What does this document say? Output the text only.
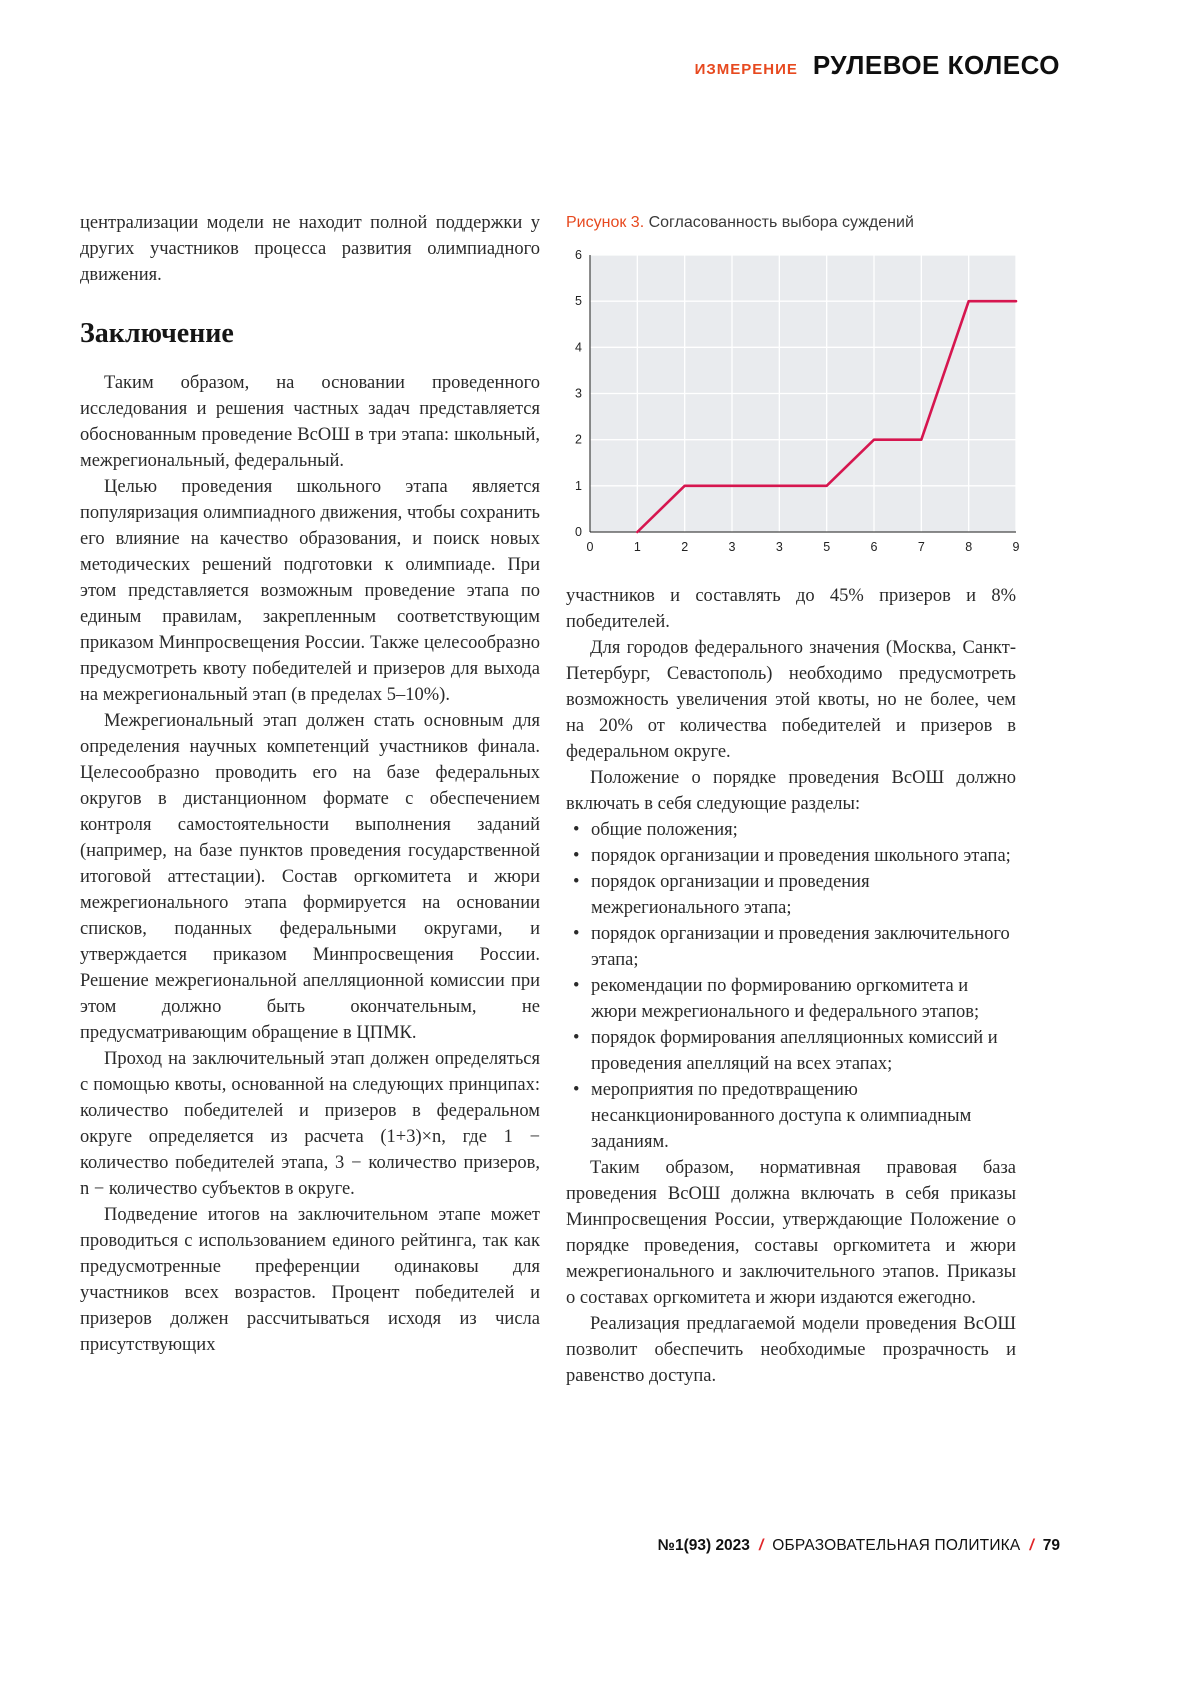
ИЗМЕРЕНИЕ РУЛЕВОЕ КОЛЕСО

централизации модели не находит полной поддержки у других участников процесса развития олимпиадного движения.

Заключение

Таким образом, на основании проведенного исследования и решения частных задач представляется обоснованным проведение ВсОШ в три этапа: школьный, межрегиональный, федеральный.

Целью проведения школьного этапа является популяризация олимпиадного движения, чтобы сохранить его влияние на качество образования, и поиск новых методических решений подготовки к олимпиаде. При этом представляется возможным проведение этапа по единым правилам, закрепленным соответствующим приказом Минпросвещения России. Также целесообразно предусмотреть квоту победителей и призеров для выхода на межрегиональный этап (в пределах 5–10%).

Межрегиональный этап должен стать основным для определения научных компетенций участников финала. Целесообразно проводить его на базе федеральных округов в дистанционном формате с обеспечением контроля самостоятельности выполнения заданий (например, на базе пунктов проведения государственной итоговой аттестации). Состав оргкомитета и жюри межрегионального этапа формируется на основании списков, поданных федеральными округами, и утверждается приказом Минпросвещения России. Решение межрегиональной апелляционной комиссии при этом должно быть окончательным, не предусматривающим обращение в ЦПМК.

Проход на заключительный этап должен определяться с помощью квоты, основанной на следующих принципах: количество победителей и призеров в федеральном округе определяется из расчета (1+3)×n, где 1 − количество победителей этапа, 3 − количество призеров, n − количество субъектов в округе.

Подведение итогов на заключительном этапе может проводиться с использованием единого рейтинга, так как предусмотренные преференции одинаковы для участников всех возрастов. Процент победителей и призеров должен рассчитываться исходя из числа присутствующих

Рисунок 3. Согласованность выбора суждений
0	1	2	3	3	5	6	7	8	9
0
1
2
3
4
5
6

участников и составлять до 45% призеров и 8% победителей.

Для городов федерального значения (Москва, Санкт-Петербург, Севастополь) необходимо предусмотреть возможность увеличения этой квоты, но не более, чем на 20% от количества победителей и призеров в федеральном округе.

Положение о порядке проведения ВсОШ должно включать в себя следующие разделы:

• общие положения;
• порядок организации и проведения школьного этапа;
• порядок организации и проведения межрегионального этапа;
• порядок организации и проведения заключительного этапа;
• рекомендации по формированию оргкомитета и жюри межрегионального и федерального этапов;
• порядок формирования апелляционных комиссий и проведения апелляций на всех этапах;
• мероприятия по предотвращению несанкционированного доступа к олимпиадным заданиям.

Таким образом, нормативная правовая база проведения ВсОШ должна включать в себя приказы Минпросвещения России, утверждающие Положение о порядке проведения, составы оргкомитета и жюри межрегионального и заключительного этапов. Приказы о составах оргкомитета и жюри издаются ежегодно.

Реализация предлагаемой модели проведения ВсОШ позволит обеспечить необходимые прозрачность и равенство доступа.

№1(93) 2023 / ОБРАЗОВАТЕЛЬНАЯ ПОЛИТИКА / 79
